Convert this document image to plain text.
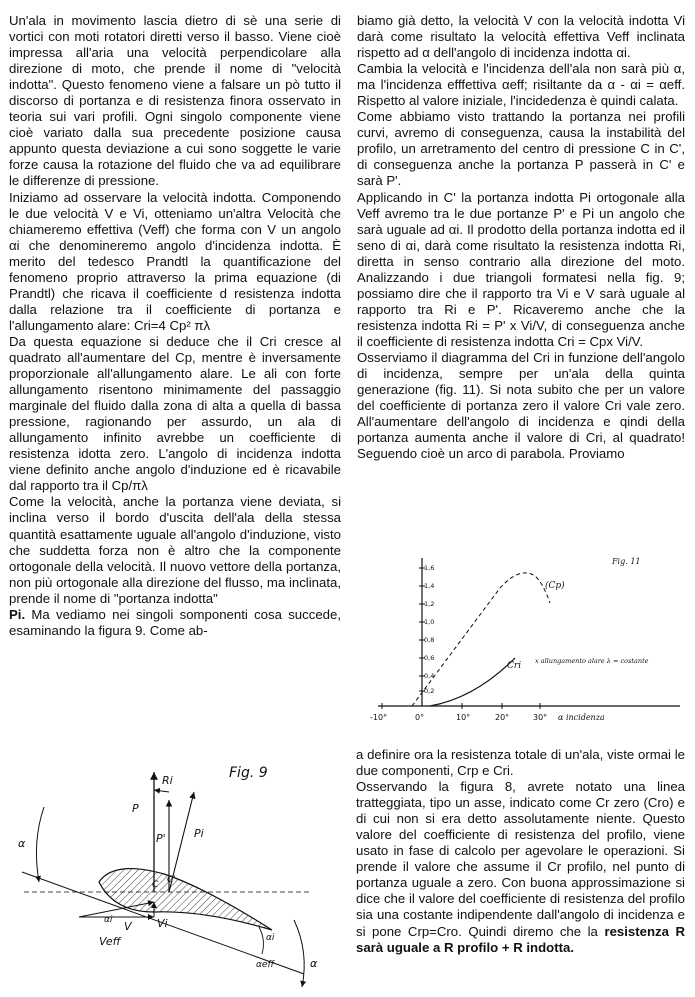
Un'ala in movimento lascia dietro di sè una serie di vortici con moti rotatori diretti verso il basso. Viene cioè impressa all'aria una velocità perpendicolare alla direzione di moto, che prende il nome di "velocità indotta". Questo fenomeno viene a falsare un pò tutto il discorso di portanza e di resistenza finora osservato in teoria sui vari profili. Ogni singolo componente viene cioè variato dalla sua precedente posizione causa appunto questa deviazione a cui sono soggette le varie forze causa la rotazione del fluido che va ad equilibrare le differenze di pressione.

Iniziamo ad osservare la velocità indotta. Componendo le due velocità V e Vi, otteniamo un'altra Velocità che chiameremo effettiva (Veff) che forma con V un angolo αi che denomineremo angolo d'incidenza indotta. È merito del tedesco Prandtl la quantificazione del fenomeno proprio attraverso la prima equazione (di Prandtl) che ricava il coefficiente d resistenza indotta dalla relazione tra il coefficiente di portanza e l'allungamento alare: Cri=4 Cp² πλ

Da questa equazione si deduce che il Cri cresce al quadrato all'aumentare del Cp, mentre è inversamente proporzionale all'allungamento alare. Le ali con forte allungamento risentono minimamente del passaggio marginale del fluido dalla zona di alta a quella di bassa pressione, ragionando per assurdo, un ala di allungamento infinito avrebbe un coefficiente di resistenza idotta zero. L'angolo di incidenza indotta viene definito anche angolo d'induzione ed è ricavabile dal rapporto tra il Cp/πλ

Come la velocità, anche la portanza viene deviata, si inclina verso il bordo d'uscita dell'ala della stessa quantità esattamente uguale all'angolo d'induzione, visto che suddetta forza non è altro che la componente ortogonale della velocità. Il nuovo vettore della portanza, non più ortogonale alla direzione del flusso, ma inclinata, prende il nome di "portanza indotta"
Pi. Ma vediamo nei singoli somponenti cosa succede, esaminando la figura 9. Come ab-

biamo già detto, la velocità V con la velocità indotta Vi darà come risultato la velocità effettiva Veff inclinata rispetto ad α dell'angolo di incidenza indotta αi.

Cambia la velocità e l'incidenza dell'ala non sarà più α, ma l'incidenza efffettiva αeff; risiltante da α - αi = αeff. Rispetto al valore iniziale, l'incidedenza è quindi calata.

Come abbiamo visto trattando la portanza nei profili curvi, avremo di conseguenza, causa la instabilità del profilo, un arretramento del centro di pressione C in C', di conseguenza anche la portanza P passerà in C' e sarà P'.

Applicando in C' la portanza indotta Pi ortogonale alla Veff avremo tra le due portanze P' e Pi un angolo che sarà uguale ad αi. Il prodotto della portanza indotta ed il seno di αi, darà come risultato la resistenza indotta Ri, diretta in senso contrario alla direzione del moto. Analizzando i due triangoli formatesi nella fig. 9; possiamo dire che il rapporto tra Vi e V sarà uguale al rapporto tra Ri e P'. Ricaveremo anche che la resistenza indotta Ri = P' x Vi/V, di conseguenza anche il coefficiente di resistenza indotta Cri = Cpx Vi/V.

Osserviamo il diagramma del Cri in funzione dell'angolo di incidenza, sempre per un'ala della quinta generazione (fig. 11). Si nota subito che per un valore del coefficiente di portanza zero il valore Cri vale zero. All'aumentare dell'angolo di incidenza e qindi della portanza aumenta anche il valore di Cri, al quadrato! Seguendo cioè un arco di parabola. Proviamo

1,6
1,4
1,2
1,0
0,8
0,6
0,4
0,2
-10°	0°	10°	20°	30° α incidenza
(Cp)
Cri
Fig. 11
x allungamento alare λ = costante

a definire ora la resistenza totale di un'ala, viste ormai le due componenti, Crp e Cri.

Osservando la figura 8, avrete notato una linea tratteggiata, tipo un asse, indicato come Cr zero (Cro) e di cui non si era detto assolutamente niente. Questo valore del coefficiente di resistenza del profilo, viene usato in fase di calcolo per agevolare le operazioni. Si prende il valore che assume il Cr profilo, nel punto di portanza uguale a zero. Con buona approssimazione si dice che il valore del coefficiente di resistenza del profilo sia una costante indipendente dall'angolo di incidenza e si pone Crp=Cro. Quindi diremo che la resistenza R sarà uguale a R profilo + R indotta.

Fig. 9
P
Ri
P'	Pi
C C'
V Vi
Veff
αi
α
α
αeff
αi
